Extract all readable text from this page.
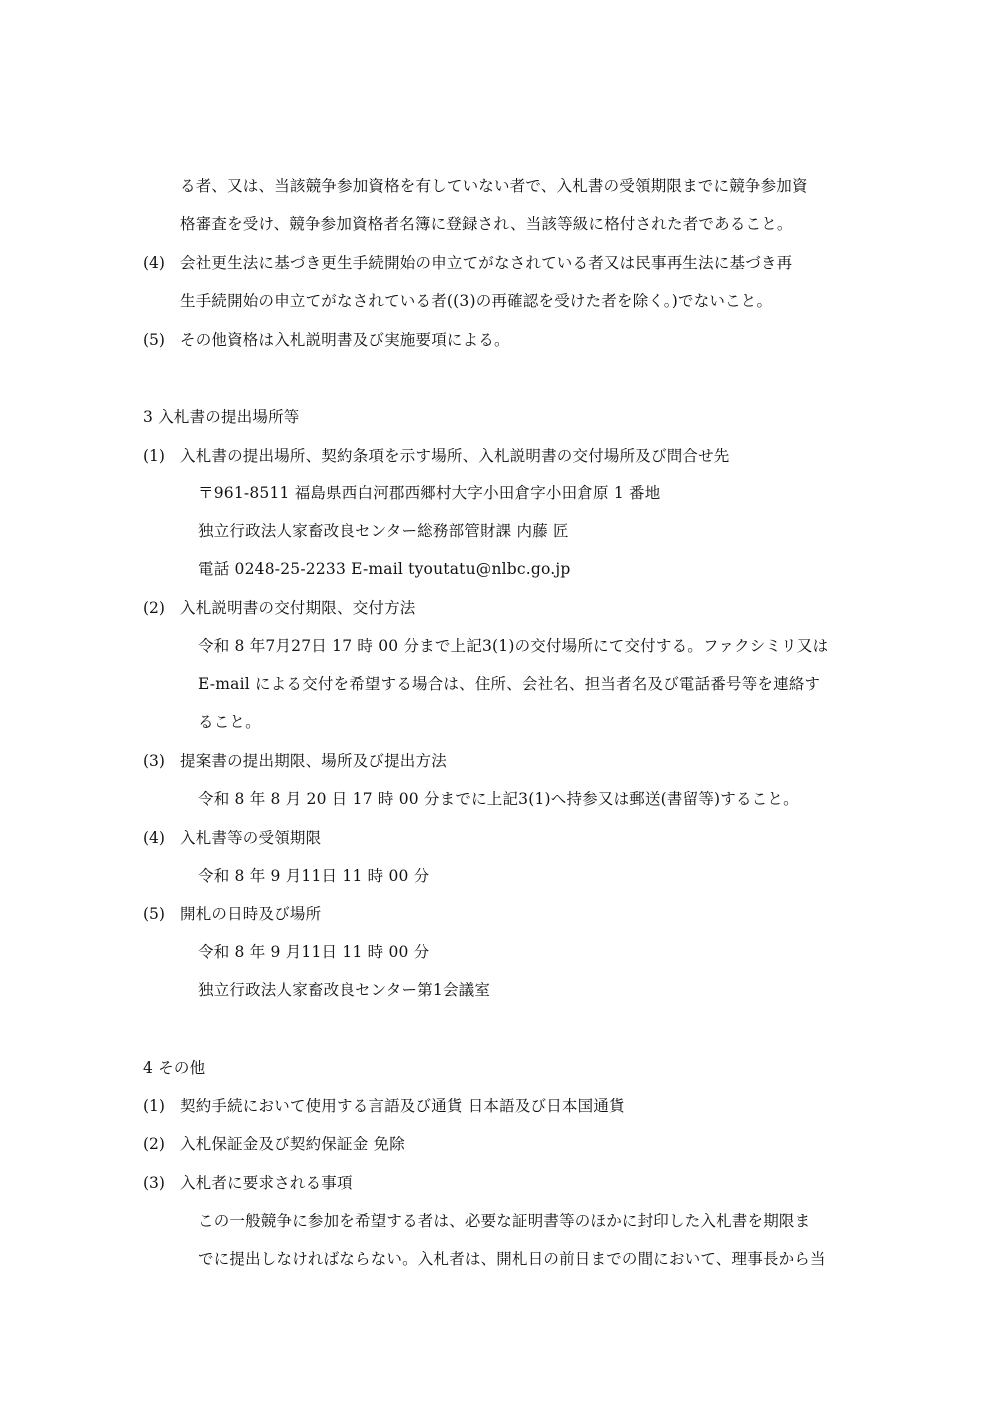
る者、又は、当該競争参加資格を有していない者で、入札書の受領期限までに競争参加資
格審査を受け、競争参加資格者名簿に登録され、当該等級に格付された者であること。
(4) 会社更生法に基づき更生手続開始の申立てがなされている者又は民事再生法に基づき再
生手続開始の申立てがなされている者((3)の再確認を受けた者を除く。)でないこと。
(5) その他資格は入札説明書及び実施要項による。
3 入札書の提出場所等
(1) 入札書の提出場所、契約条項を示す場所、入札説明書の交付場所及び問合せ先
〒961-8511 福島県西白河郡西郷村大字小田倉字小田倉原 1 番地
独立行政法人家畜改良センター総務部管財課 内藤 匠
電話 0248-25-2233 E-mail tyoutatu@nlbc.go.jp
(2) 入札説明書の交付期限、交付方法
令和 8 年7月27日 17 時 00 分まで上記3(1)の交付場所にて交付する。ファクシミリ又は
E-mail による交付を希望する場合は、住所、会社名、担当者名及び電話番号等を連絡す
ること。
(3) 提案書の提出期限、場所及び提出方法
令和 8 年 8 月 20 日 17 時 00 分までに上記3(1)へ持参又は郵送(書留等)すること。
(4) 入札書等の受領期限
令和 8 年 9 月11日 11 時 00 分
(5) 開札の日時及び場所
令和 8 年 9 月11日 11 時 00 分
独立行政法人家畜改良センター第1会議室
4 その他
(1) 契約手続において使用する言語及び通貨 日本語及び日本国通貨
(2) 入札保証金及び契約保証金 免除
(3) 入札者に要求される事項
この一般競争に参加を希望する者は、必要な証明書等のほかに封印した入札書を期限ま
でに提出しなければならない。入札者は、開札日の前日までの間において、理事長から当
